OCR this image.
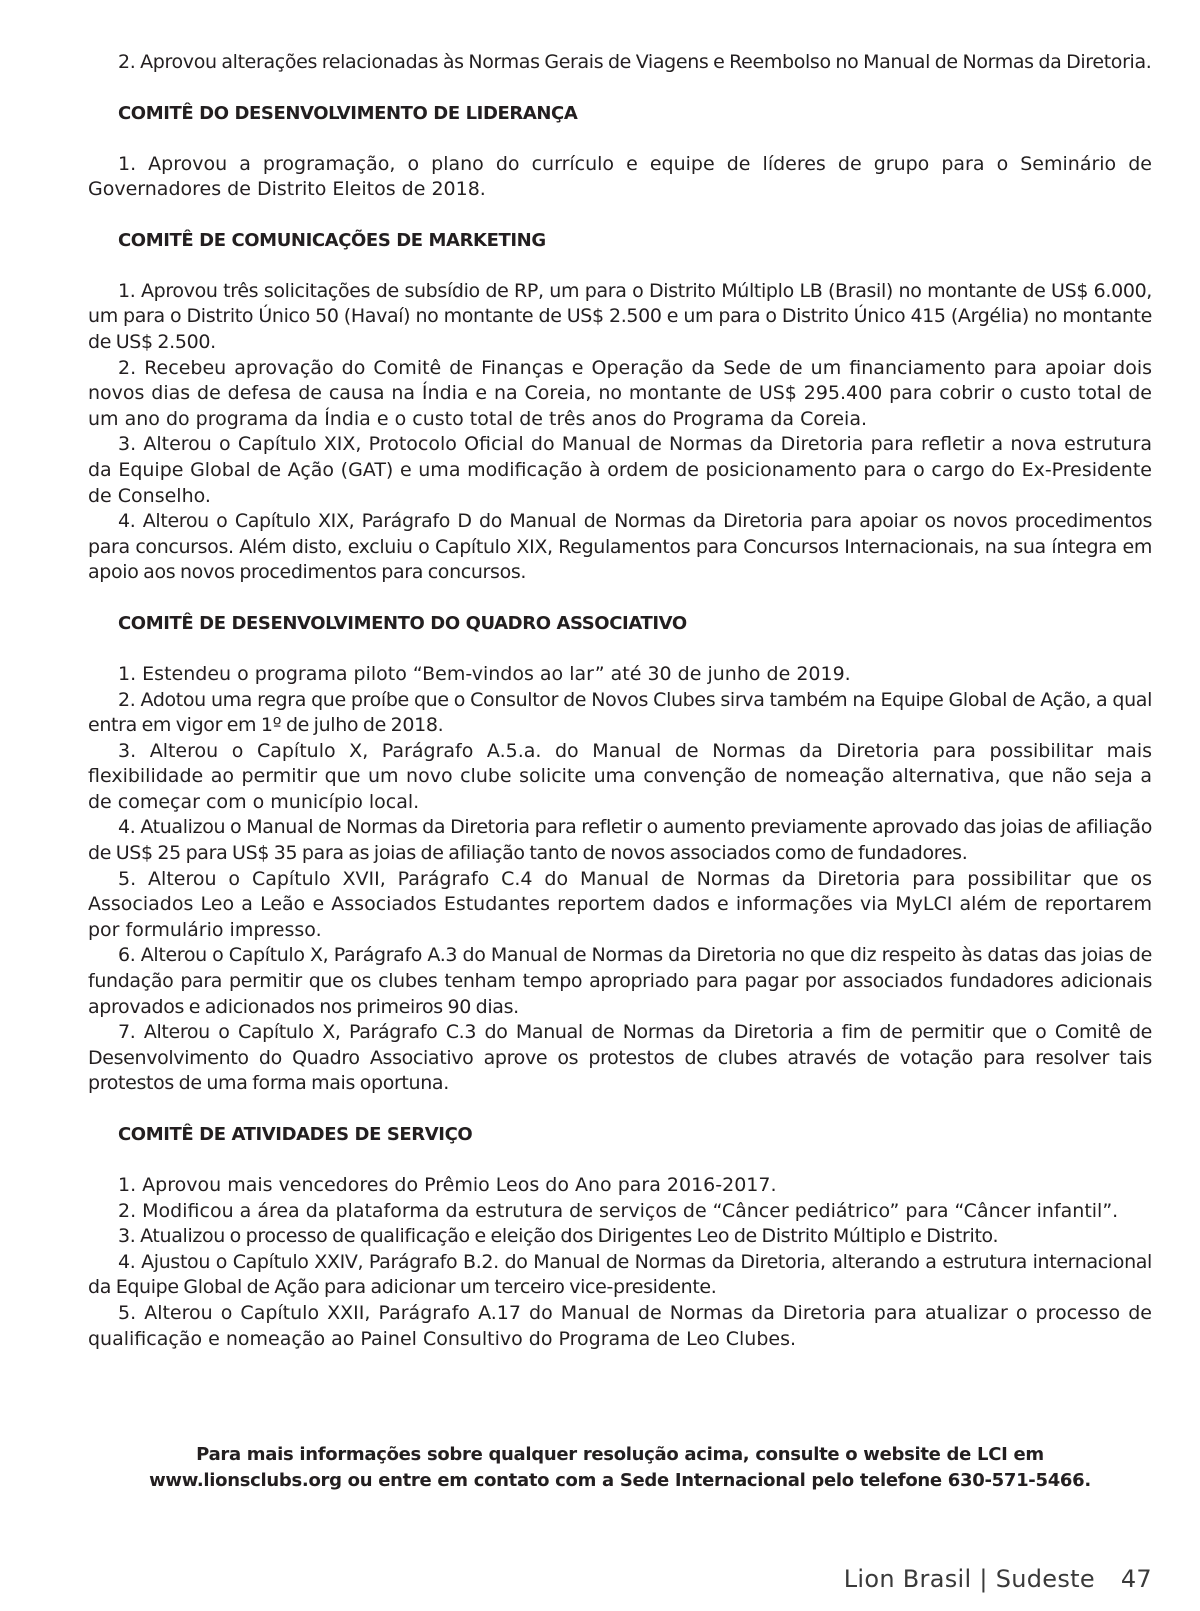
2. Aprovou alterações relacionadas às Normas Gerais de Viagens e Reembolso no Manual de Normas da Diretoria.

COMITÊ DO DESENVOLVIMENTO DE LIDERANÇA

1. Aprovou a programação, o plano do currículo e equipe de líderes de grupo para o Seminário de Governadores de Distrito Eleitos de 2018.

COMITÊ DE COMUNICAÇÕES DE MARKETING

1. Aprovou três solicitações de subsídio de RP, um para o Distrito Múltiplo LB (Brasil) no montante de US$ 6.000, um para o Distrito Único 50 (Havaí) no montante de US$ 2.500 e um para o Distrito Único 415 (Argélia) no montante de US$ 2.500.

2. Recebeu aprovação do Comitê de Finanças e Operação da Sede de um financiamento para apoiar dois novos dias de defesa de causa na Índia e na Coreia, no montante de US$ 295.400 para cobrir o custo total de um ano do programa da Índia e o custo total de três anos do Programa da Coreia.

3. Alterou o Capítulo XIX, Protocolo Oficial do Manual de Normas da Diretoria para refletir a nova estrutura da Equipe Global de Ação (GAT) e uma modificação à ordem de posicionamento para o cargo do Ex-Presidente de Conselho.

4. Alterou o Capítulo XIX, Parágrafo D do Manual de Normas da Diretoria para apoiar os novos procedimentos para concursos. Além disto, excluiu o Capítulo XIX, Regulamentos para Concursos Internacionais, na sua íntegra em apoio aos novos procedimentos para concursos.

COMITÊ DE DESENVOLVIMENTO DO QUADRO ASSOCIATIVO

1. Estendeu o programa piloto “Bem-vindos ao lar” até 30 de junho de 2019.

2. Adotou uma regra que proíbe que o Consultor de Novos Clubes sirva também na Equipe Global de Ação, a qual entra em vigor em 1º de julho de 2018.

3. Alterou o Capítulo X, Parágrafo A.5.a. do Manual de Normas da Diretoria para possibilitar mais flexibilidade ao permitir que um novo clube solicite uma convenção de nomeação alternativa, que não seja a de começar com o município local.

4. Atualizou o Manual de Normas da Diretoria para refletir o aumento previamente aprovado das joias de afiliação de US$ 25 para US$ 35 para as joias de afiliação tanto de novos associados como de fundadores.

5. Alterou o Capítulo XVII, Parágrafo C.4 do Manual de Normas da Diretoria para possibilitar que os Associados Leo a Leão e Associados Estudantes reportem dados e informações via MyLCI além de reportarem por formulário impresso.

6. Alterou o Capítulo X, Parágrafo A.3 do Manual de Normas da Diretoria no que diz respeito às datas das joias de fundação para permitir que os clubes tenham tempo apropriado para pagar por associados fundadores adicionais aprovados e adicionados nos primeiros 90 dias.

7. Alterou o Capítulo X, Parágrafo C.3 do Manual de Normas da Diretoria a fim de permitir que o Comitê de Desenvolvimento do Quadro Associativo aprove os protestos de clubes através de votação para resolver tais protestos de uma forma mais oportuna.

COMITÊ DE ATIVIDADES DE SERVIÇO

1. Aprovou mais vencedores do Prêmio Leos do Ano para 2016-2017.

2. Modificou a área da plataforma da estrutura de serviços de “Câncer pediátrico” para “Câncer infantil”.

3. Atualizou o processo de qualificação e eleição dos Dirigentes Leo de Distrito Múltiplo e Distrito.

4. Ajustou o Capítulo XXIV, Parágrafo B.2. do Manual de Normas da Diretoria, alterando a estrutura internacional da Equipe Global de Ação para adicionar um terceiro vice-presidente.

5. Alterou o Capítulo XXII, Parágrafo A.17 do Manual de Normas da Diretoria para atualizar o processo de qualificação e nomeação ao Painel Consultivo do Programa de Leo Clubes.

Para mais informações sobre qualquer resolução acima, consulte o website de LCI em
www.lionsclubs.org ou entre em contato com a Sede Internacional pelo telefone 630-571-5466.
Lion Brasil | Sudeste 47
